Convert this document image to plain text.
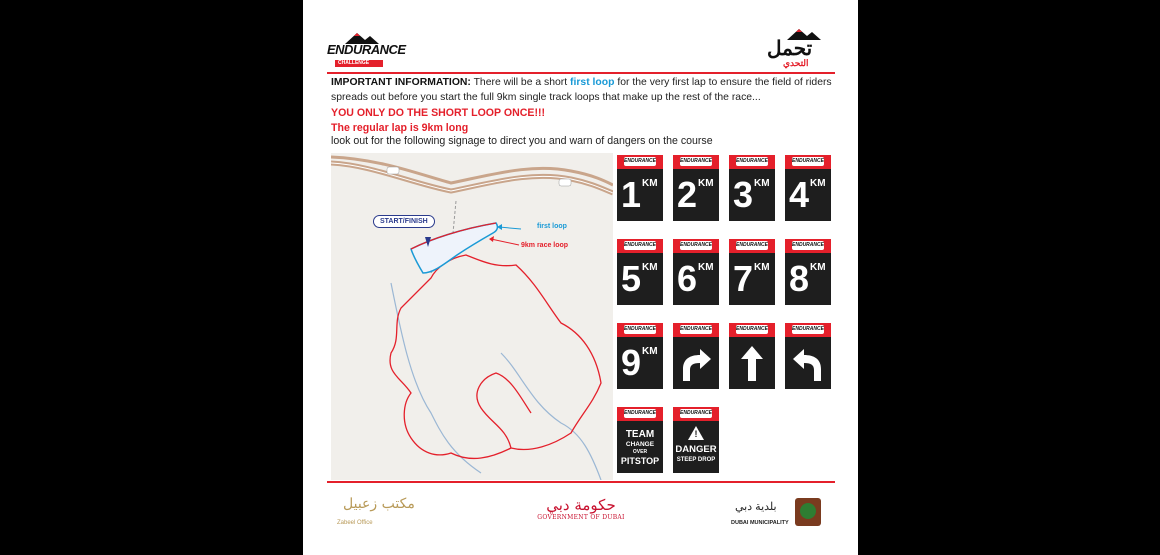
ENDURANCE
CHALLENGE
تحمل
التحدي
IMPORTANT INFORMATION: There will be a short first loop for the very first lap to ensure the field of riders spreads out before you start the full 9km single track loops that make up the rest of the race...
YOU ONLY DO THE SHORT LOOP ONCE!!!
The regular lap is 9km long
look out for the following signage to direct you and warn of dangers on the course
START/FINISH
first loop
9km race loop
ENDURANCE
1 KM
ENDURANCE
2 KM
ENDURANCE
3 KM
ENDURANCE
4 KM
ENDURANCE
5 KM
ENDURANCE
6 KM
ENDURANCE
7 KM
ENDURANCE
8 KM
ENDURANCE
9 KM
ENDURANCE	ENDURANCE	ENDURANCE
ENDURANCE
TEAM
CHANGE
OVER
PITSTOP
ENDURANCE
!
DANGER
STEEP DROP
مكتب زعبيل
Zabeel Office
حكومة دبي
GOVERNMENT OF DUBAI
بلدية دبي
DUBAI MUNICIPALITY
